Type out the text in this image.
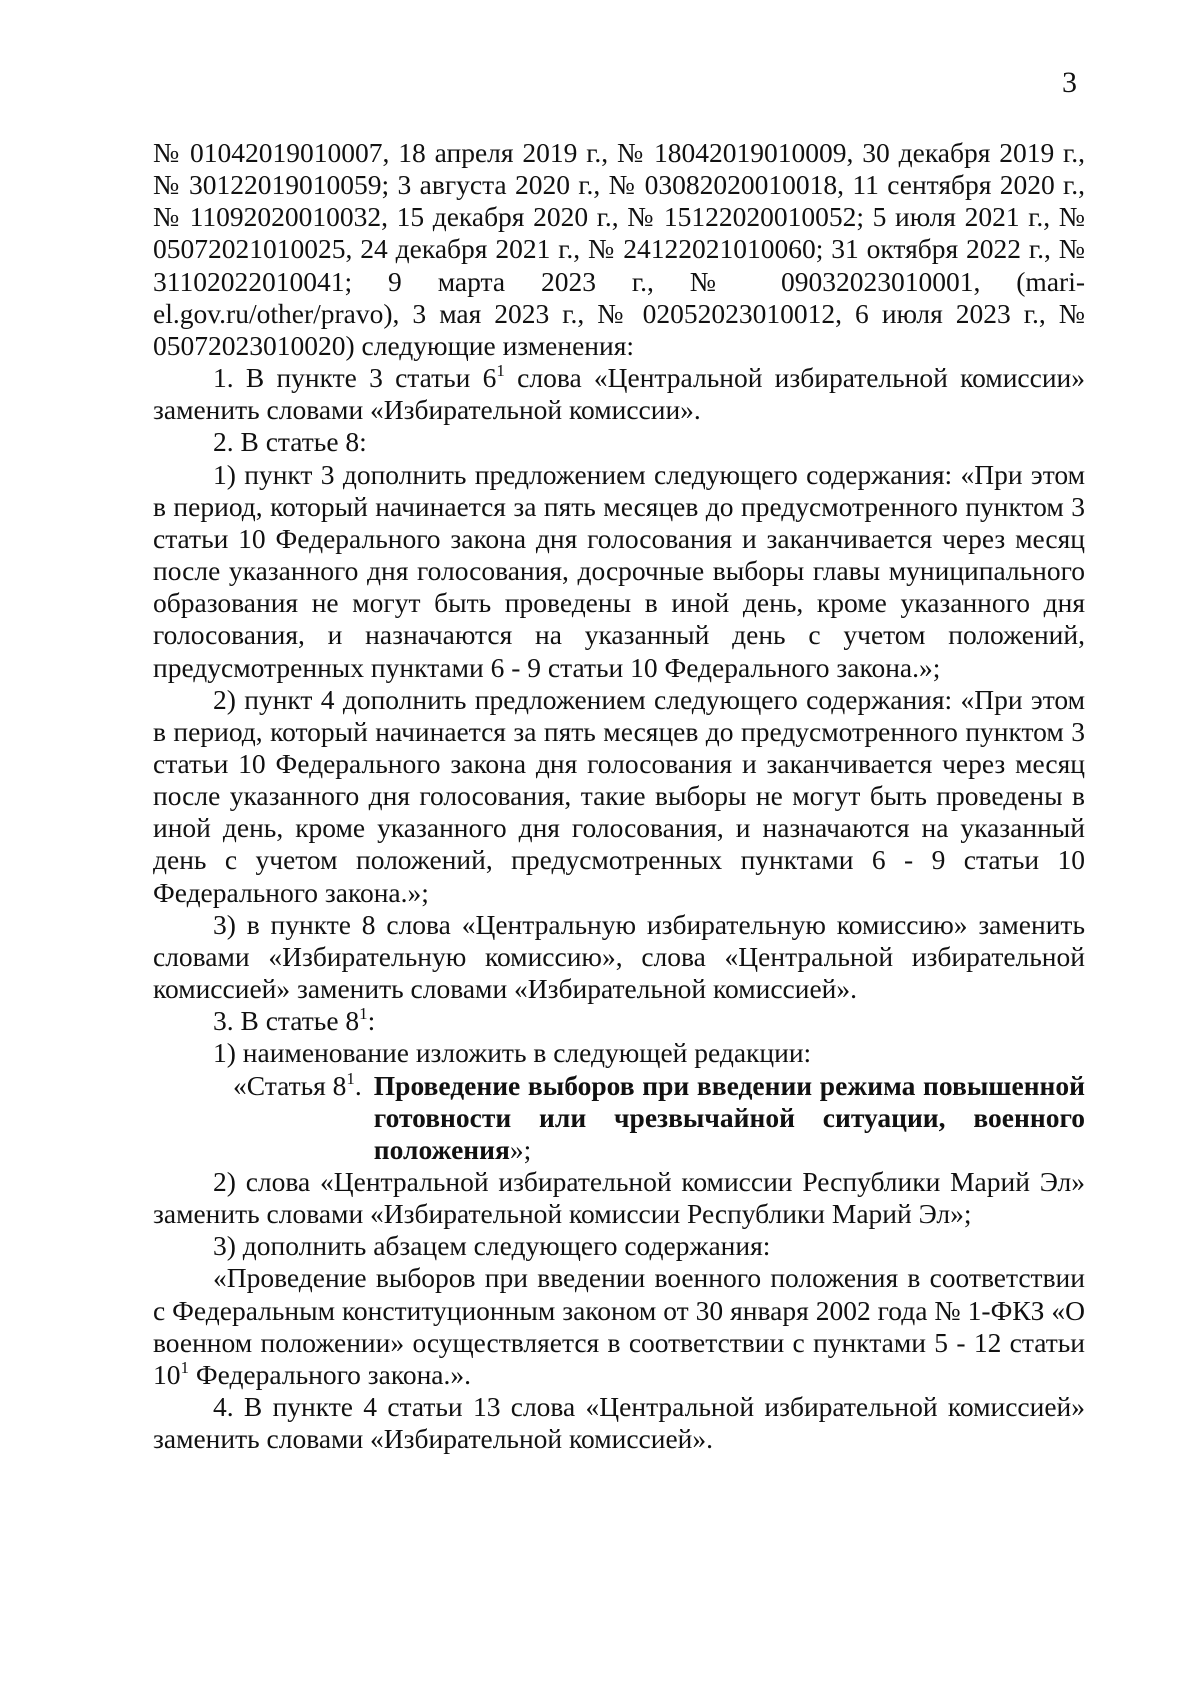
3

№ 01042019010007, 18 апреля 2019 г., № 18042019010009, 30 декабря 2019 г., № 30122019010059; 3 августа 2020 г., № 03082020010018, 11 сентября 2020 г., № 11092020010032, 15 декабря 2020 г., № 15122020010052; 5 июля 2021 г., № 05072021010025, 24 декабря 2021 г., № 24122021010060; 31 октября 2022 г., № 31102022010041; 9 марта 2023 г., № 09032023010001, (mari-el.gov.ru/other/pravo), 3 мая 2023 г., № 02052023010012, 6 июля 2023 г., № 05072023010020) следующие изменения:

1. В пункте 3 статьи $6^1$ слова «Центральной избирательной комиссии» заменить словами «Избирательной комиссии».

2. В статье 8:

1) пункт 3 дополнить предложением следующего содержания: «При этом в период, который начинается за пять месяцев до предусмотренного пунктом 3 статьи 10 Федерального закона дня голосования и заканчивается через месяц после указанного дня голосования, досрочные выборы главы муниципального образования не могут быть проведены в иной день, кроме указанного дня голосования, и назначаются на указанный день с учетом положений, предусмотренных пунктами 6 - 9 статьи 10 Федерального закона.»;

2) пункт 4 дополнить предложением следующего содержания: «При этом в период, который начинается за пять месяцев до предусмотренного пунктом 3 статьи 10 Федерального закона дня голосования и заканчивается через месяц после указанного дня голосования, такие выборы не могут быть проведены в иной день, кроме указанного дня голосования, и назначаются на указанный день с учетом положений, предусмотренных пунктами 6 - 9 статьи 10 Федерального закона.»;

3) в пункте 8 слова «Центральную избирательную комиссию» заменить словами «Избирательную комиссию», слова «Центральной избирательной комиссией» заменить словами «Избирательной комиссией».

3. В статье $8^1$:

1) наименование изложить в следующей редакции:

«Статья $8^1$. Проведение выборов при введении режима повышенной готовности или чрезвычайной ситуации, военного положения»;

2) слова «Центральной избирательной комиссии Республики Марий Эл» заменить словами «Избирательной комиссии Республики Марий Эл»;

3) дополнить абзацем следующего содержания:

«Проведение выборов при введении военного положения в соответствии с Федеральным конституционным законом от 30 января 2002 года № 1-ФКЗ «О военном положении» осуществляется в соответствии с пунктами 5 - 12 статьи $10^1$ Федерального закона.».

4. В пункте 4 статьи 13 слова «Центральной избирательной комиссией» заменить словами «Избирательной комиссией».
